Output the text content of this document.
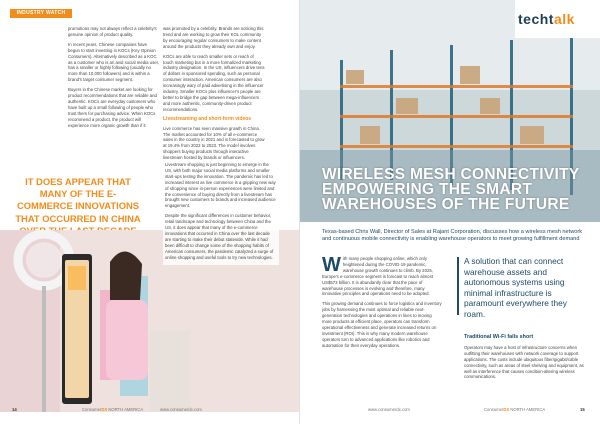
INDUSTRY WATCH

promotions may not always reflect a celebrity's genuine opinion of product quality.

In recent years, Chinese companies have begun to start investing in KOCs (Key Opinion Consumers). Alternatively described as a KOC as a customer who is an avid social media user, has a smaller or highly following (usually no more than 10,000 followers) and is within a brand's target consumer segment.

Buyers in the Chinese market are looking for product recommendations that are reliable and authentic. KOCs are everyday customers who have built up a small following of people who trust them for purchasing advice. When KOCs recommend a product, the product will experience more organic growth than if it

was promoted by a celebrity. Brands are noticing this trend and are working to grow their KOL community by encouraging regular consumers to make content around the products they already own and enjoy.

KOCs are able to reach smaller sets or reach of touch marketing but in a more formalized marketing industry designation. In the US, influencers drive tens of dollars in sponsored spending, such as personal consumer interaction. American consumers are also increasingly wary of paid advertising in the influencer industry. Smaller KOCs plus influencer's people are better to bridge the gap between mega-influencers and more authentic, community-driven product recommendations.

Livestreaming and short-form videos

Live commerce has seen massive growth in China. The market accounted for 10% of all e-commerce sales in the country in 2021 and is forecasted to grow at 19.4% from 2022 to 2023. The model involves shoppers buying products through interactive livestream hosted by brands or influencers.

IT DOES APPEAR THAT MANY OF THE E-COMMERCE INNOVATIONS THAT OCCURRED IN CHINA

Livestream shopping is just beginning to emerge in the US, with both major social media platforms and smaller start-ups testing the innovation. The pandemic has led to increased interest as live commerce is a gripping new way of shopping since in-person experiences were limited and the convenience of buying directly from a livestream has brought new customers to brands and increased audience engagement.

Despite the significant differences in customer behavior, retail landscape and technology between China and the US, it does appear that many of the e-commerce innovations that occurred in China over the last decade are starting to make their debut stateside. While it had been difficult to change some of the shopping habits of American consumers, the pandemic catalyzed a surge of online shopping and useful tools to try new technologies.

14	ConsumerDX NORTH AMERICA	www.consumerdx.com
techtalk
WIRELESS MESH CONNECTIVITY EMPOWERING THE SMART WAREHOUSES OF THE FUTURE
Texas-based Chris Wall, Director of Sales at Rajant Corporation, discusses how a wireless mesh network and continuous mobile connectivity is enabling warehouse operators to meet growing fulfillment demand

With many people shopping online, which only heightened during the COVID-19 pandemic, warehouse growth continues to climb. By 2025, Europe's e-commerce segment is forecast to reach almost US$573 billion. It is abundantly clear that the pace of warehouse processes is evolving and therefore, many innovative principles and operations need to be adopted.

This growing demand continues to force logistics and inventory jobs by harnessing the most optimal and reliable next-generation technologies and operations in lines to moving more products at efficient place, operators can transform operational effectiveness and generate increased returns on investment (ROI). This is why many modern warehouse operators turn to advanced applications like robotics and automation for their everyday operations.

A solution that can connect warehouse assets and autonomous systems using minimal infrastructure is paramount everywhere they roam.
Traditional Wi-Fi falls short

Operators may have a host of infrastructure concerns when outfitting their warehouses with network coverage to support applications. The costs include ubiquitous fiber/gigabit/cable connectivity, such as areas of steel shelving and equipment, as well as interference that causes condition-altering wireless communications.

www.consumerdx.com	ConsumerDX NORTH AMERICA	15
